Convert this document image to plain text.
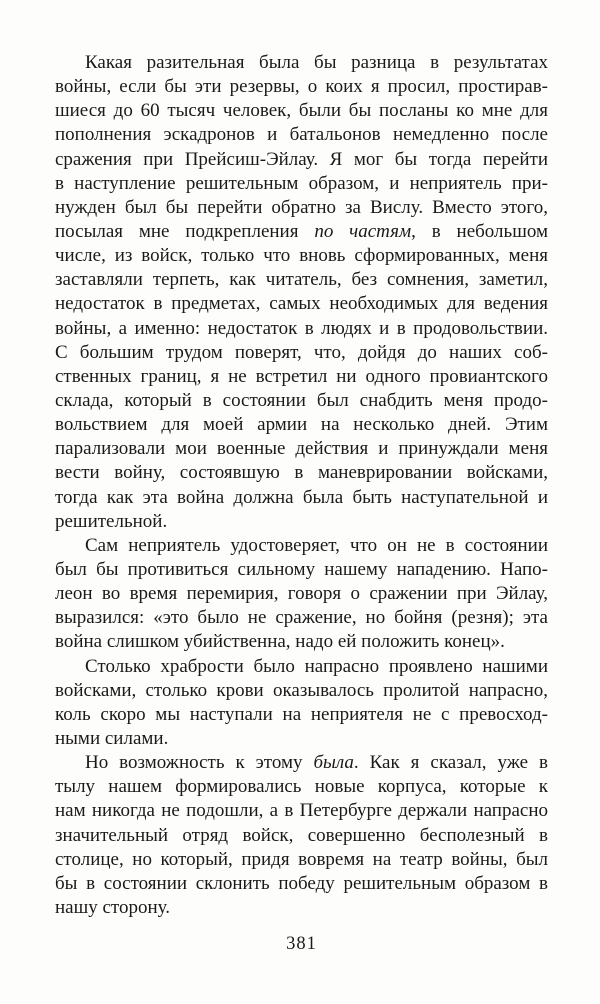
Какая разительная была бы разница в результатах
войны, если бы эти резервы, о коих я просил, простирав-
шиеся до 60 тысяч человек, были бы посланы ко мне для
пополнения эскадронов и батальонов немедленно после
сражения при Прейсиш-Эйлау. Я мог бы тогда перейти
в наступление решительным образом, и неприятель при-
нужден был бы перейти обратно за Вислу. Вместо этого,
посылая мне подкрепления по частям, в небольшом
числе, из войск, только что вновь сформированных, меня
заставляли терпеть, как читатель, без сомнения, заметил,
недостаток в предметах, самых необходимых для ведения
войны, а именно: недостаток в людях и в продовольствии.
С большим трудом поверят, что, дойдя до наших соб-
ственных границ, я не встретил ни одного провиантского
склада, который в состоянии был снабдить меня продо-
вольствием для моей армии на несколько дней. Этим
парализовали мои военные действия и принуждали меня
вести войну, состоявшую в маневрировании войсками,
тогда как эта война должна была быть наступательной и
решительной.
Сам неприятель удостоверяет, что он не в состоянии
был бы противиться сильному нашему нападению. Напо-
леон во время перемирия, говоря о сражении при Эйлау,
выразился: «это было не сражение, но бойня (резня); эта
война слишком убийственна, надо ей положить конец».
Столько храбрости было напрасно проявлено нашими
войсками, столько крови оказывалось пролитой напрасно,
коль скоро мы наступали на неприятеля не с превосход-
ными силами.
Но возможность к этому была. Как я сказал, уже в
тылу нашем формировались новые корпуса, которые к
нам никогда не подошли, а в Петербурге держали напрасно
значительный отряд войск, совершенно бесполезный в
столице, но который, придя вовремя на театр войны, был
бы в состоянии склонить победу решительным образом в
нашу сторону.
381
